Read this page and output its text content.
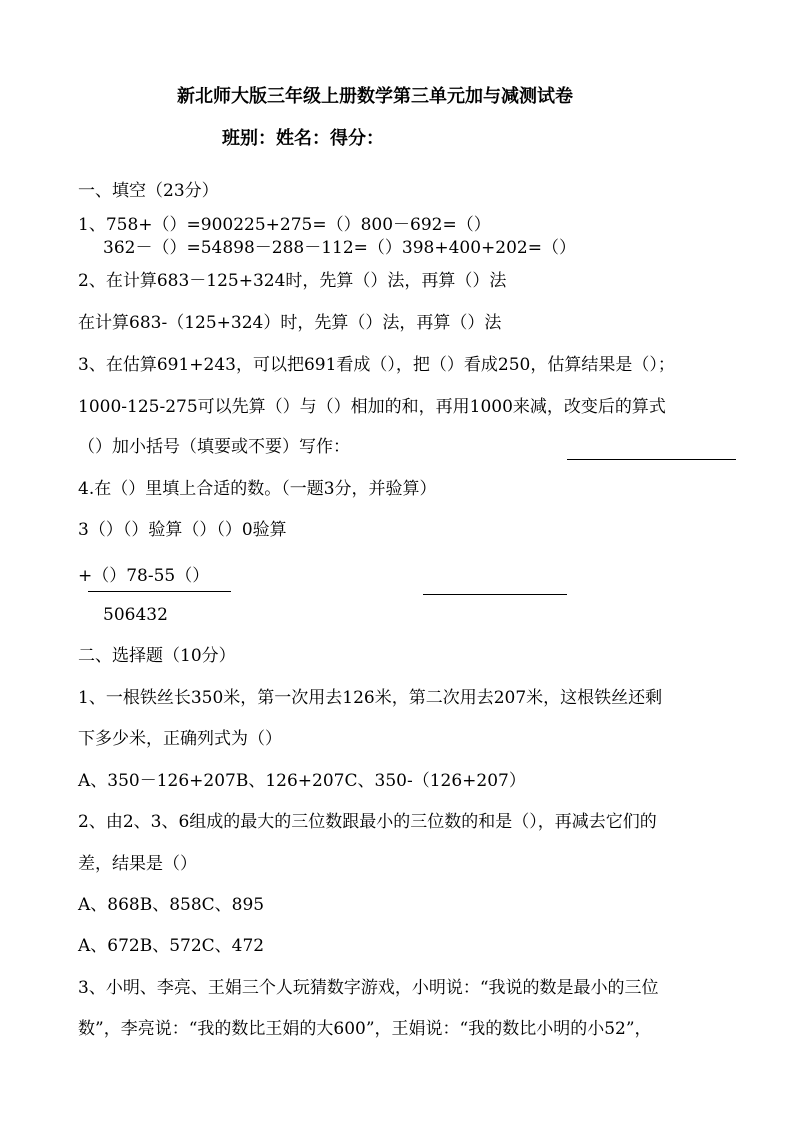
新北师大版三年级上册数学第三单元加与减测试卷
班别：姓名：得分：
一、填空（23分）
1、758+（）=900225+275=（）800－692=（）
362－（）=54898－288－112=（）398+400+202=（）
2、在计算683－125+324时，先算（）法，再算（）法
在计算683-（125+324）时，先算（）法，再算（）法
3、在估算691+243，可以把691看成（），把（）看成250，估算结果是（）；
1000-125-275可以先算（）与（）相加的和，再用1000来减，改变后的算式
（）加小括号（填要或不要）写作：
4.在（）里填上合适的数。（一题3分，并验算）
3（）（）验算（）（）0验算
+（）78-55（）
506432
二、选择题（10分）
1、一根铁丝长350米，第一次用去126米，第二次用去207米，这根铁丝还剩
下多少米，正确列式为（）
A、350－126+207B、126+207C、350-（126+207）
2、由2、3、6组成的最大的三位数跟最小的三位数的和是（），再减去它们的
差，结果是（）
A、868B、858C、895
A、672B、572C、472
3、小明、李亮、王娟三个人玩猜数字游戏，小明说：“我说的数是最小的三位
数”，李亮说：“我的数比王娟的大600”，王娟说：“我的数比小明的小52”，
